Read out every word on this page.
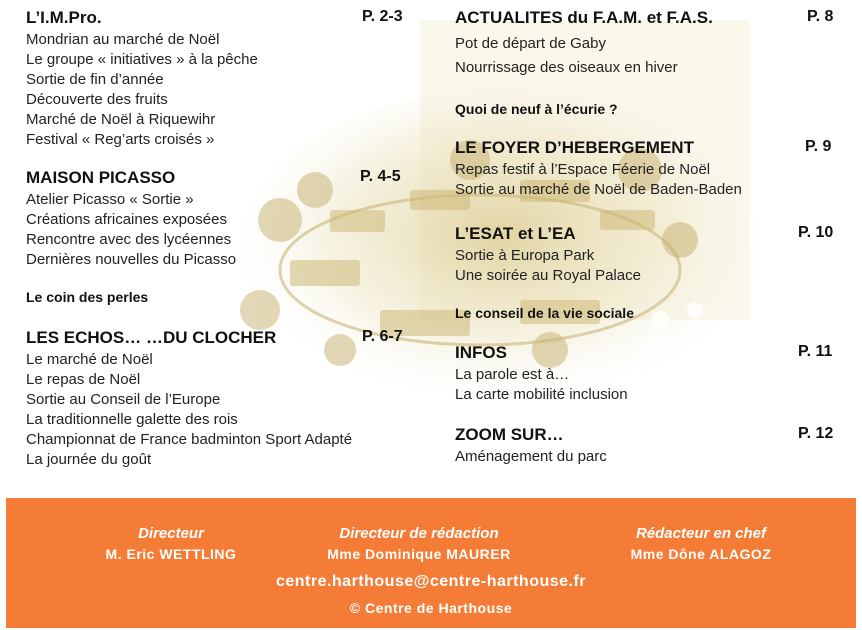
L’I.M.Pro.	P. 2-3
Mondrian au marché de Noël
Le groupe « initiatives » à la pêche
Sortie de fin d’année
Découverte des fruits
Marché de Noël à Riquewihr
Festival « Reg’arts croisés »
MAISON PICASSO	P. 4-5
Atelier Picasso « Sortie »
Créations africaines exposées
Rencontre avec des lycéennes
Dernières nouvelles du Picasso
Le coin des perles
LES ECHOS… …DU CLOCHER	P. 6-7
Le marché de Noël
Le repas de Noël
Sortie au Conseil de l’Europe
La traditionnelle galette des rois
Championnat de France badminton Sport Adapté
La journée du goût
ACTUALITES du F.A.M. et F.A.S.	P. 8
Pot de départ de Gaby
Nourrissage des oiseaux en hiver
Quoi de neuf à l’écurie ?
LE FOYER D’HEBERGEMENT	P. 9
Repas festif à l’Espace Féerie de Noël
Sortie au marché de Noël de Baden-Baden
L’ESAT et L’EA	P. 10
Sortie à Europa Park
Une soirée au Royal Palace
Le conseil de la vie sociale
INFOS	P. 11
La parole est à…
La carte mobilité inclusion
ZOOM SUR…	P. 12
Aménagement du parc
Directeur
M. Eric WETTLING
Directeur de rédaction
Mme Dominique MAURER
Rédacteur en chef
Mme Dône ALAGOZ
centre.harthouse@centre-harthouse.fr
© Centre de Harthouse
